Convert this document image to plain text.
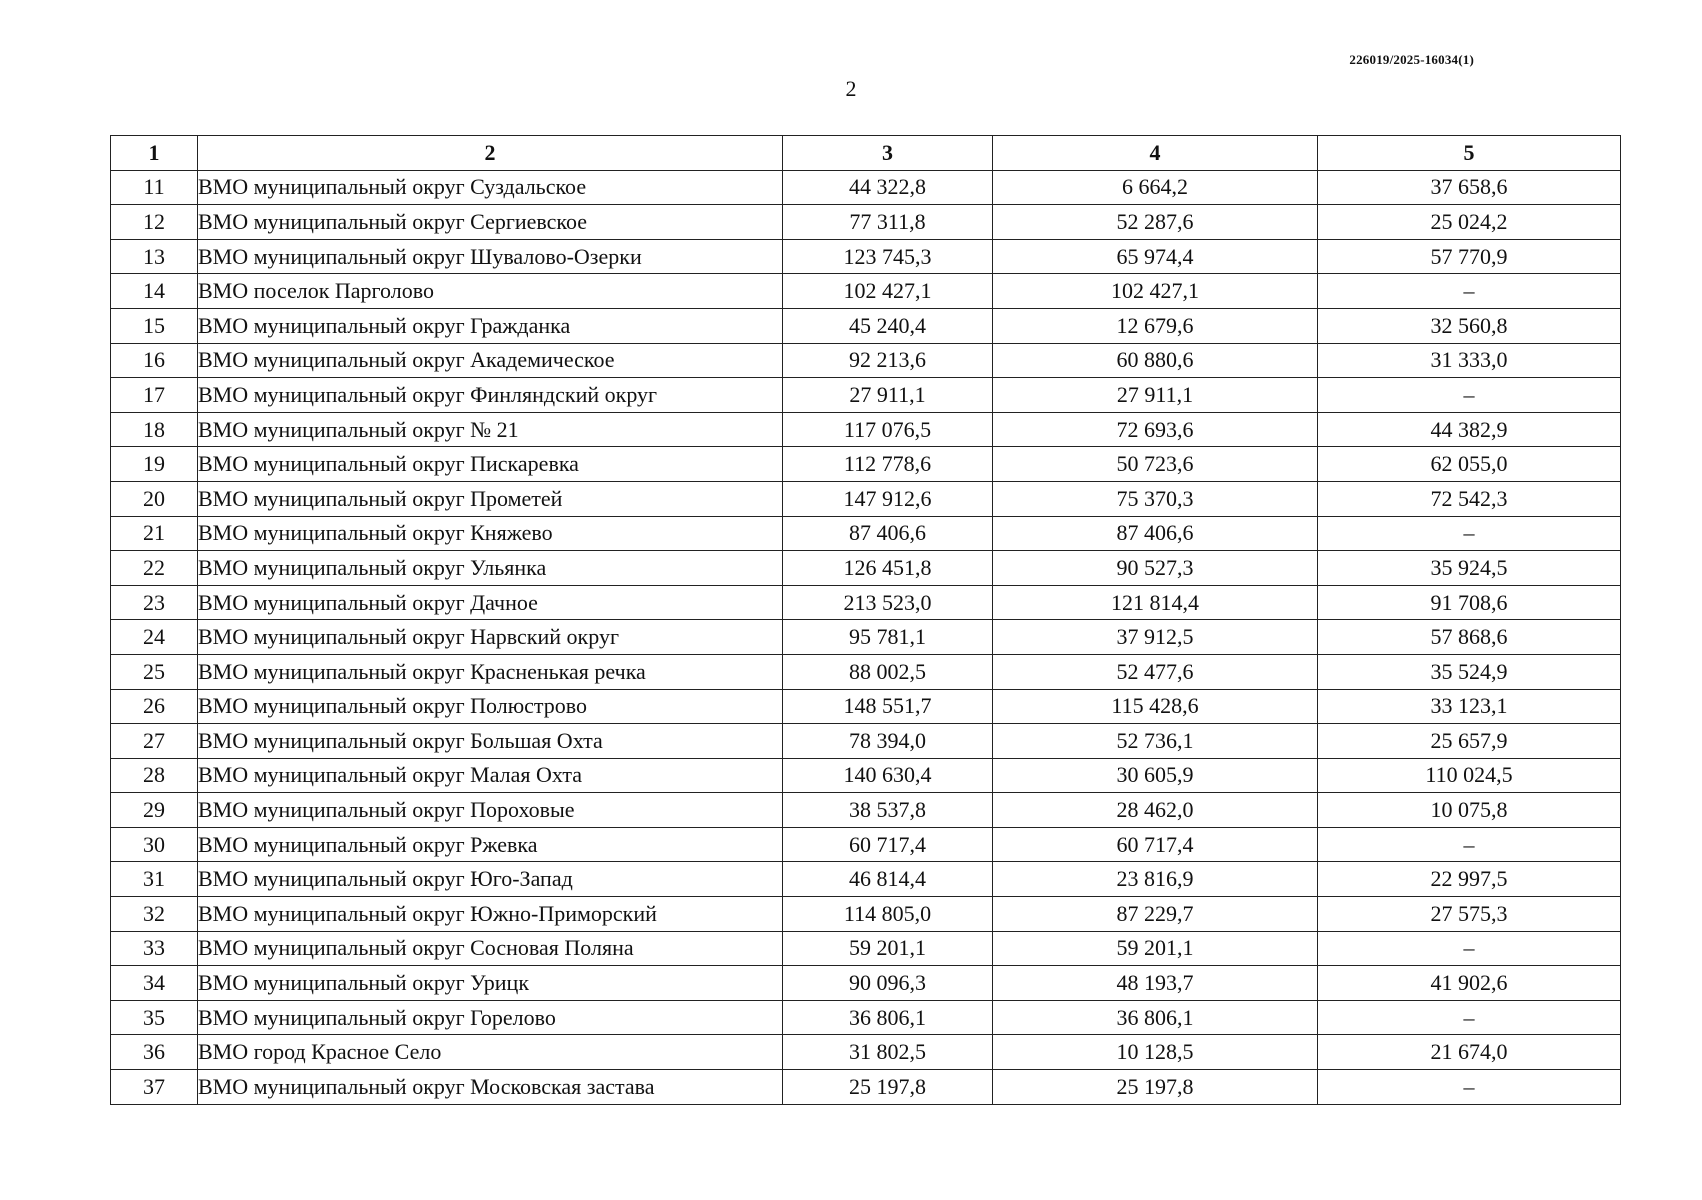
226019/2025-16034(1)
2
1	2	3	4	5
11	ВМО муниципальный округ Суздальское	44 322,8	6 664,2	37 658,6
12	ВМО муниципальный округ Сергиевское	77 311,8	52 287,6	25 024,2
13	ВМО муниципальный округ Шувалово-Озерки	123 745,3	65 974,4	57 770,9
14	ВМО поселок Парголово	102 427,1	102 427,1	–
15	ВМО муниципальный округ Гражданка	45 240,4	12 679,6	32 560,8
16	ВМО муниципальный округ Академическое	92 213,6	60 880,6	31 333,0
17	ВМО муниципальный округ Финляндский округ	27 911,1	27 911,1	–
18	ВМО муниципальный округ № 21	117 076,5	72 693,6	44 382,9
19	ВМО муниципальный округ Пискаревка	112 778,6	50 723,6	62 055,0
20	ВМО муниципальный округ Прометей	147 912,6	75 370,3	72 542,3
21	ВМО муниципальный округ Княжево	87 406,6	87 406,6	–
22	ВМО муниципальный округ Ульянка	126 451,8	90 527,3	35 924,5
23	ВМО муниципальный округ Дачное	213 523,0	121 814,4	91 708,6
24	ВМО муниципальный округ Нарвский округ	95 781,1	37 912,5	57 868,6
25	ВМО муниципальный округ Красненькая речка	88 002,5	52 477,6	35 524,9
26	ВМО муниципальный округ Полюстрово	148 551,7	115 428,6	33 123,1
27	ВМО муниципальный округ Большая Охта	78 394,0	52 736,1	25 657,9
28	ВМО муниципальный округ Малая Охта	140 630,4	30 605,9	110 024,5
29	ВМО муниципальный округ Пороховые	38 537,8	28 462,0	10 075,8
30	ВМО муниципальный округ Ржевка	60 717,4	60 717,4	–
31	ВМО муниципальный округ Юго-Запад	46 814,4	23 816,9	22 997,5
32	ВМО муниципальный округ Южно-Приморский	114 805,0	87 229,7	27 575,3
33	ВМО муниципальный округ Сосновая Поляна	59 201,1	59 201,1	–
34	ВМО муниципальный округ Урицк	90 096,3	48 193,7	41 902,6
35	ВМО муниципальный округ Горелово	36 806,1	36 806,1	–
36	ВМО город Красное Село	31 802,5	10 128,5	21 674,0
37	ВМО муниципальный округ Московская застава	25 197,8	25 197,8	–
